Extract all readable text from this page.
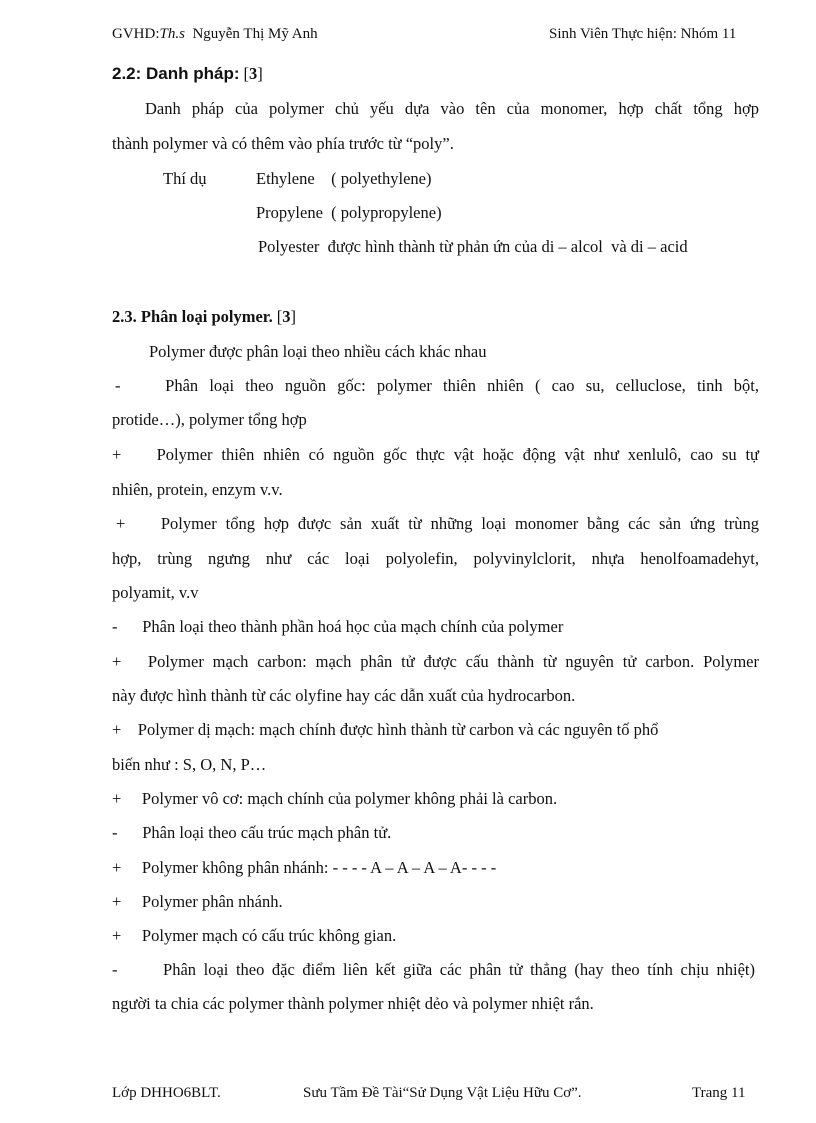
GVHD:Th.s Nguyễn Thị Mỹ Anh	Sinh Viên Thực hiện: Nhóm 11
2.2: Danh pháp: [3]
Danh pháp của polymer chủ yếu dựa vào tên của monomer, hợp chất tổng hợp
thành polymer và có thêm vào phía trước từ “poly”.
Thí dụ	Ethylene    ( polyethylene)
Propylene  ( polypropylene)
Polyester  được hình thành từ phản ứn của di – alcol  và di – acid
2.3. Phân loại polymer. [3]
Polymer được phân loại theo nhiều cách khác nhau
-    Phân loại theo nguồn gốc: polymer thiên nhiên ( cao su, celluclose, tinh bột,
protide…), polymer tổng hợp
+    Polymer thiên nhiên có nguồn gốc thực vật hoặc động vật như xenlulô, cao su tự
nhiên, protein, enzym v.v.
+    Polymer tổng hợp được sản xuất từ những loại monomer bằng các sản ứng trùng
hợp, trùng ngưng như các loại polyolefin, polyvinylclorit, nhựa henolfoamadehyt,
polyamit, v.v
-      Phân loại theo thành phần hoá học của mạch chính của polymer
+   Polymer mạch carbon: mạch phân tử được cấu thành từ nguyên tử carbon. Polymer
này được hình thành từ các olyfine hay các dẫn xuất của hydrocarbon.
+    Polymer dị mạch: mạch chính được hình thành từ carbon và các nguyên tố phổ
biến như : S, O, N, P…
+     Polymer vô cơ: mạch chính của polymer không phải là carbon.
-      Phân loại theo cấu trúc mạch phân tử.
+     Polymer không phân nhánh: - - - - A – A – A – A- - - -
+     Polymer phân nhánh.
+     Polymer mạch có cấu trúc không gian.
-      Phân loại theo đặc điểm liên kết giữa các phân tử thẳng (hay theo tính chịu nhiệt)
người ta chia các polymer thành polymer nhiệt dẻo và polymer nhiệt rắn.
Lớp DHHO6BLT.	Sưu Tầm Đề Tài“Sử Dụng Vật Liệu Hữu Cơ”.	Trang 11
